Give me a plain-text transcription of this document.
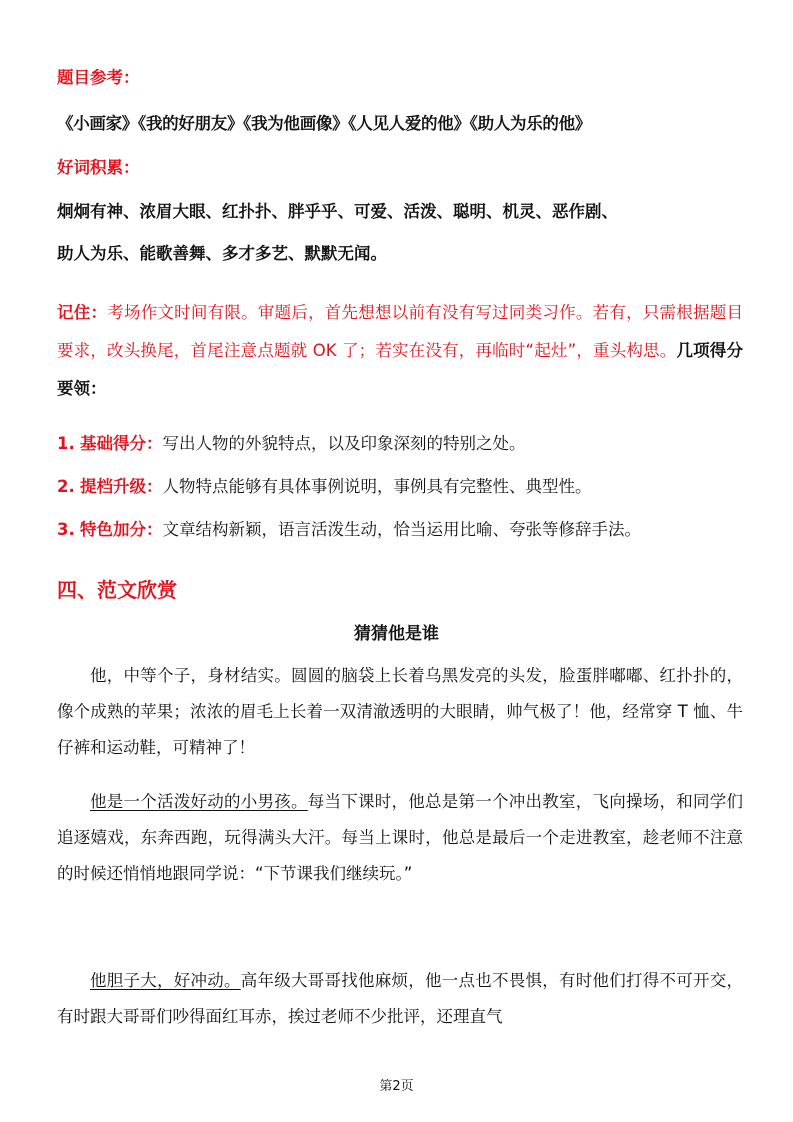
题目参考：
《小画家》《我的好朋友》《我为他画像》《人见人爱的他》《助人为乐的他》
好词积累：
炯炯有神、浓眉大眼、红扑扑、胖乎乎、可爱、活泼、聪明、机灵、恶作剧、
助人为乐、能歌善舞、多才多艺、默默无闻。
记住：考场作文时间有限。审题后，首先想想以前有没有写过同类习作。若有，只需根据题目要求，改头换尾，首尾注意点题就 OK 了；若实在没有，再临时“起灶”，重头构思。几项得分要领：
1. 基础得分：写出人物的外貌特点，以及印象深刻的特别之处。
2. 提档升级：人物特点能够有具体事例说明，事例具有完整性、典型性。
3. 特色加分：文章结构新颖，语言活泼生动，恰当运用比喻、夸张等修辞手法。
四、范文欣赏
猜猜他是谁
他，中等个子，身材结实。圆圆的脑袋上长着乌黑发亮的头发，脸蛋胖嘟嘟、红扑扑的，像个成熟的苹果；浓浓的眉毛上长着一双清澈透明的大眼睛，帅气极了！他，经常穿 T 恤、牛仔裤和运动鞋，可精神了！
他是一个活泼好动的小男孩。每当下课时，他总是第一个冲出教室，飞向操场，和同学们追逐嬉戏，东奔西跑，玩得满头大汗。每当上课时，他总是最后一个走进教室，趁老师不注意的时候还悄悄地跟同学说：“下节课我们继续玩。”
他胆子大，好冲动。高年级大哥哥找他麻烦，他一点也不畏惧，有时他们打得不可开交，有时跟大哥哥们吵得面红耳赤，挨过老师不少批评，还理直气
第2页
